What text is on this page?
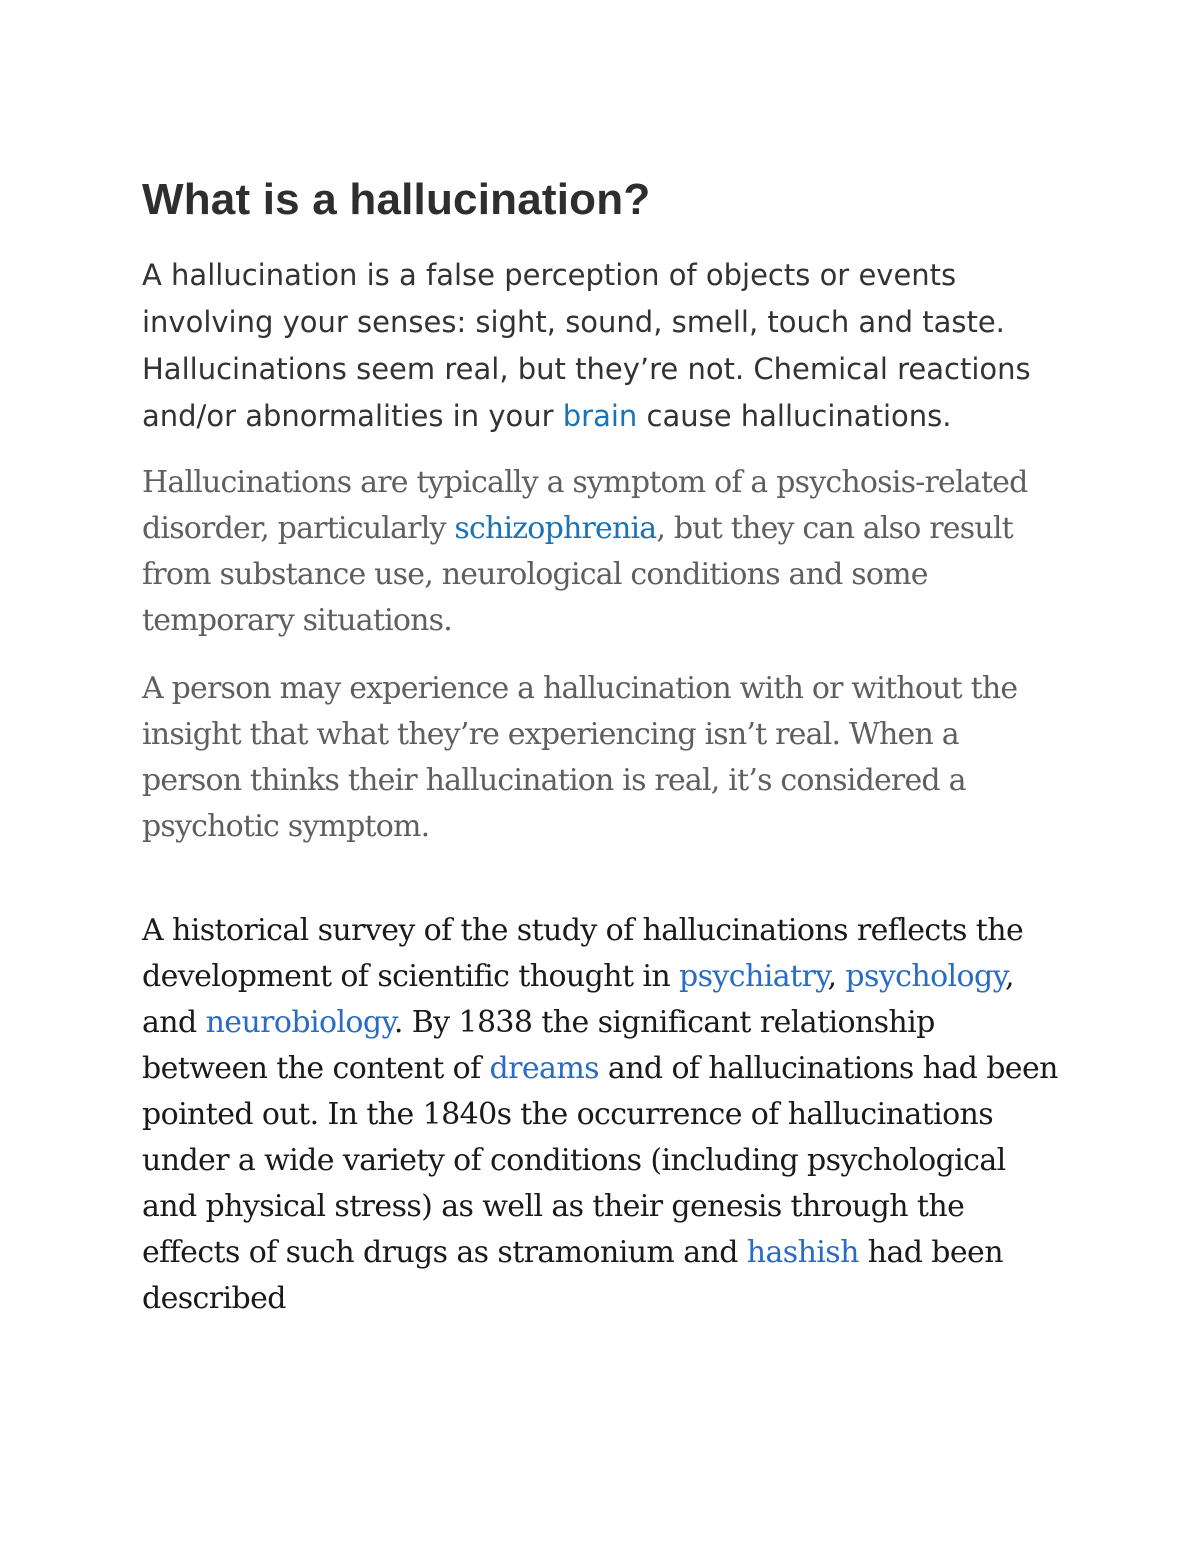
What is a hallucination?

A hallucination is a false perception of objects or events involving your senses: sight, sound, smell, touch and taste. Hallucinations seem real, but they’re not. Chemical reactions and/or abnormalities in your brain cause hallucinations.

Hallucinations are typically a symptom of a psychosis-related disorder, particularly schizophrenia, but they can also result from substance use, neurological conditions and some temporary situations.

A person may experience a hallucination with or without the insight that what they’re experiencing isn’t real. When a person thinks their hallucination is real, it’s considered a psychotic symptom.

A historical survey of the study of hallucinations reflects the development of scientific thought in psychiatry, psychology, and neurobiology. By 1838 the significant relationship between the content of dreams and of hallucinations had been pointed out. In the 1840s the occurrence of hallucinations under a wide variety of conditions (including psychological and physical stress) as well as their genesis through the effects of such drugs as stramonium and hashish had been described
